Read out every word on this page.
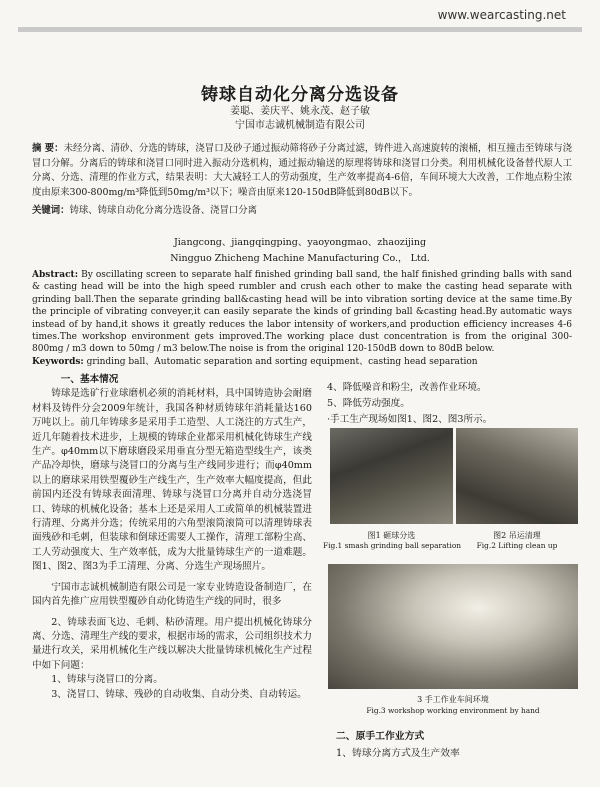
www.wearcasting.net
铸球自动化分离分选设备
姜聪、姜庆平、姚永茂、赵子敏
宁国市志诚机械制造有限公司
摘 要：未经分离、清砂、分选的铸球，浇冒口及砂子通过振动筛将砂子分离过滤，铸件进入高速旋转的滚桶，相互撞击至铸球与浇冒口分解。分离后的铸球和浇冒口同时进入振动分选机构，通过振动输送的原理将铸球和浇冒口分类。利用机械化设备替代原人工分离、分选、清理的作业方式，结果表明：大大减轻工人的劳动强度，生产效率提高4-6倍，车间环境大大改善，工作地点粉尘浓度由原来300-800mg/m³降低到50mg/m³以下；噪音由原来120-150dB降低到80dB以下。
关键词：铸球、铸球自动化分离分选设备、浇冒口分离
Jiangcong、jiangqingping、yaoyongmao、zhaozijing
Ningguo Zhicheng Machine Manufacturing Co.， Ltd.
Abstract: By oscillating screen to separate half finished grinding ball sand, the half finished grinding balls with sand & casting head will be into the high speed rumbler and crush each other to make the casting head separate with grinding ball.Then the separate grinding ball&casting head will be into vibration sorting device at the same time.By the principle of vibrating conveyer,it can easily separate the kinds of grinding ball &casting head.By automatic ways instead of by hand,it shows it greatly reduces the labor intensity of workers,and production efficiency increases 4-6 times.The workshop environment gets improved.The working place dust concentration is from the original 300-800mg / m3 down to 50mg / m3 below.The noise is from the original 120-150dB down to 80dB below.
Keywords: grinding ball、Automatic separation and sorting equipment、casting head separation

一、基本情况

铸球是选矿行业球磨机必须的消耗材料，具中国铸造协会耐磨材料及铸件分会2009年统计，我国各种材质铸球年消耗量达160万吨以上。前几年铸球多是采用手工造型、人工浇注的方式生产，近几年随着技术进步，上规模的铸球企业都采用机械化铸球生产线生产。φ40mm以下磨球磨段采用垂直分型无箱造型线生产，该类产品冷却快，磨球与浇冒口的分离与生产线同步进行；而φ40mm以上的磨球采用铁型覆砂生产线生产，生产效率大幅度提高，但此前国内还没有铸球表面清理、铸球与浇冒口分离并自动分选浇冒口、铸球的机械化设备；基本上还是采用人工或简单的机械装置进行清理、分离并分选；传统采用的六角型滚筒滚筒可以清理铸球表面残砂和毛刺，但装球和倒球还需要人工操作，清理工部粉尘高、工人劳动强度大、生产效率低，成为大批量铸球生产的一道难题。图1、图2、图3为手工清理、分离、分选生产现场照片。

宁国市志诚机械制造有限公司是一家专业铸造设备制造厂，在国内首先推广应用铁型覆砂自动化铸造生产线的同时，很多

2、铸球表面飞边、毛刺、粘砂清理。用户提出机械化铸球分离、分选、清理生产线的要求，根据市场的需求，公司组织技术力量进行攻关，采用机械化生产线以解决大批量铸球机械化生产过程中如下问题：

1、铸球与浇冒口的分离。

3、浇冒口、铸球、残砂的自动收集、自动分类、自动转运。

4、降低噪音和粉尘，改善作业环境。
5、降低劳动强度。
·手工生产现场如图1、图2、图3所示。
图1 砸球分选
Fig.1 smash grinding ball separation
图2 吊运清理
Fig.2 Lifting clean up
3 手工作业车间环境
Fig.3 workshop working environment by hand
二、原手工作业方式
1、铸球分离方式及生产效率
